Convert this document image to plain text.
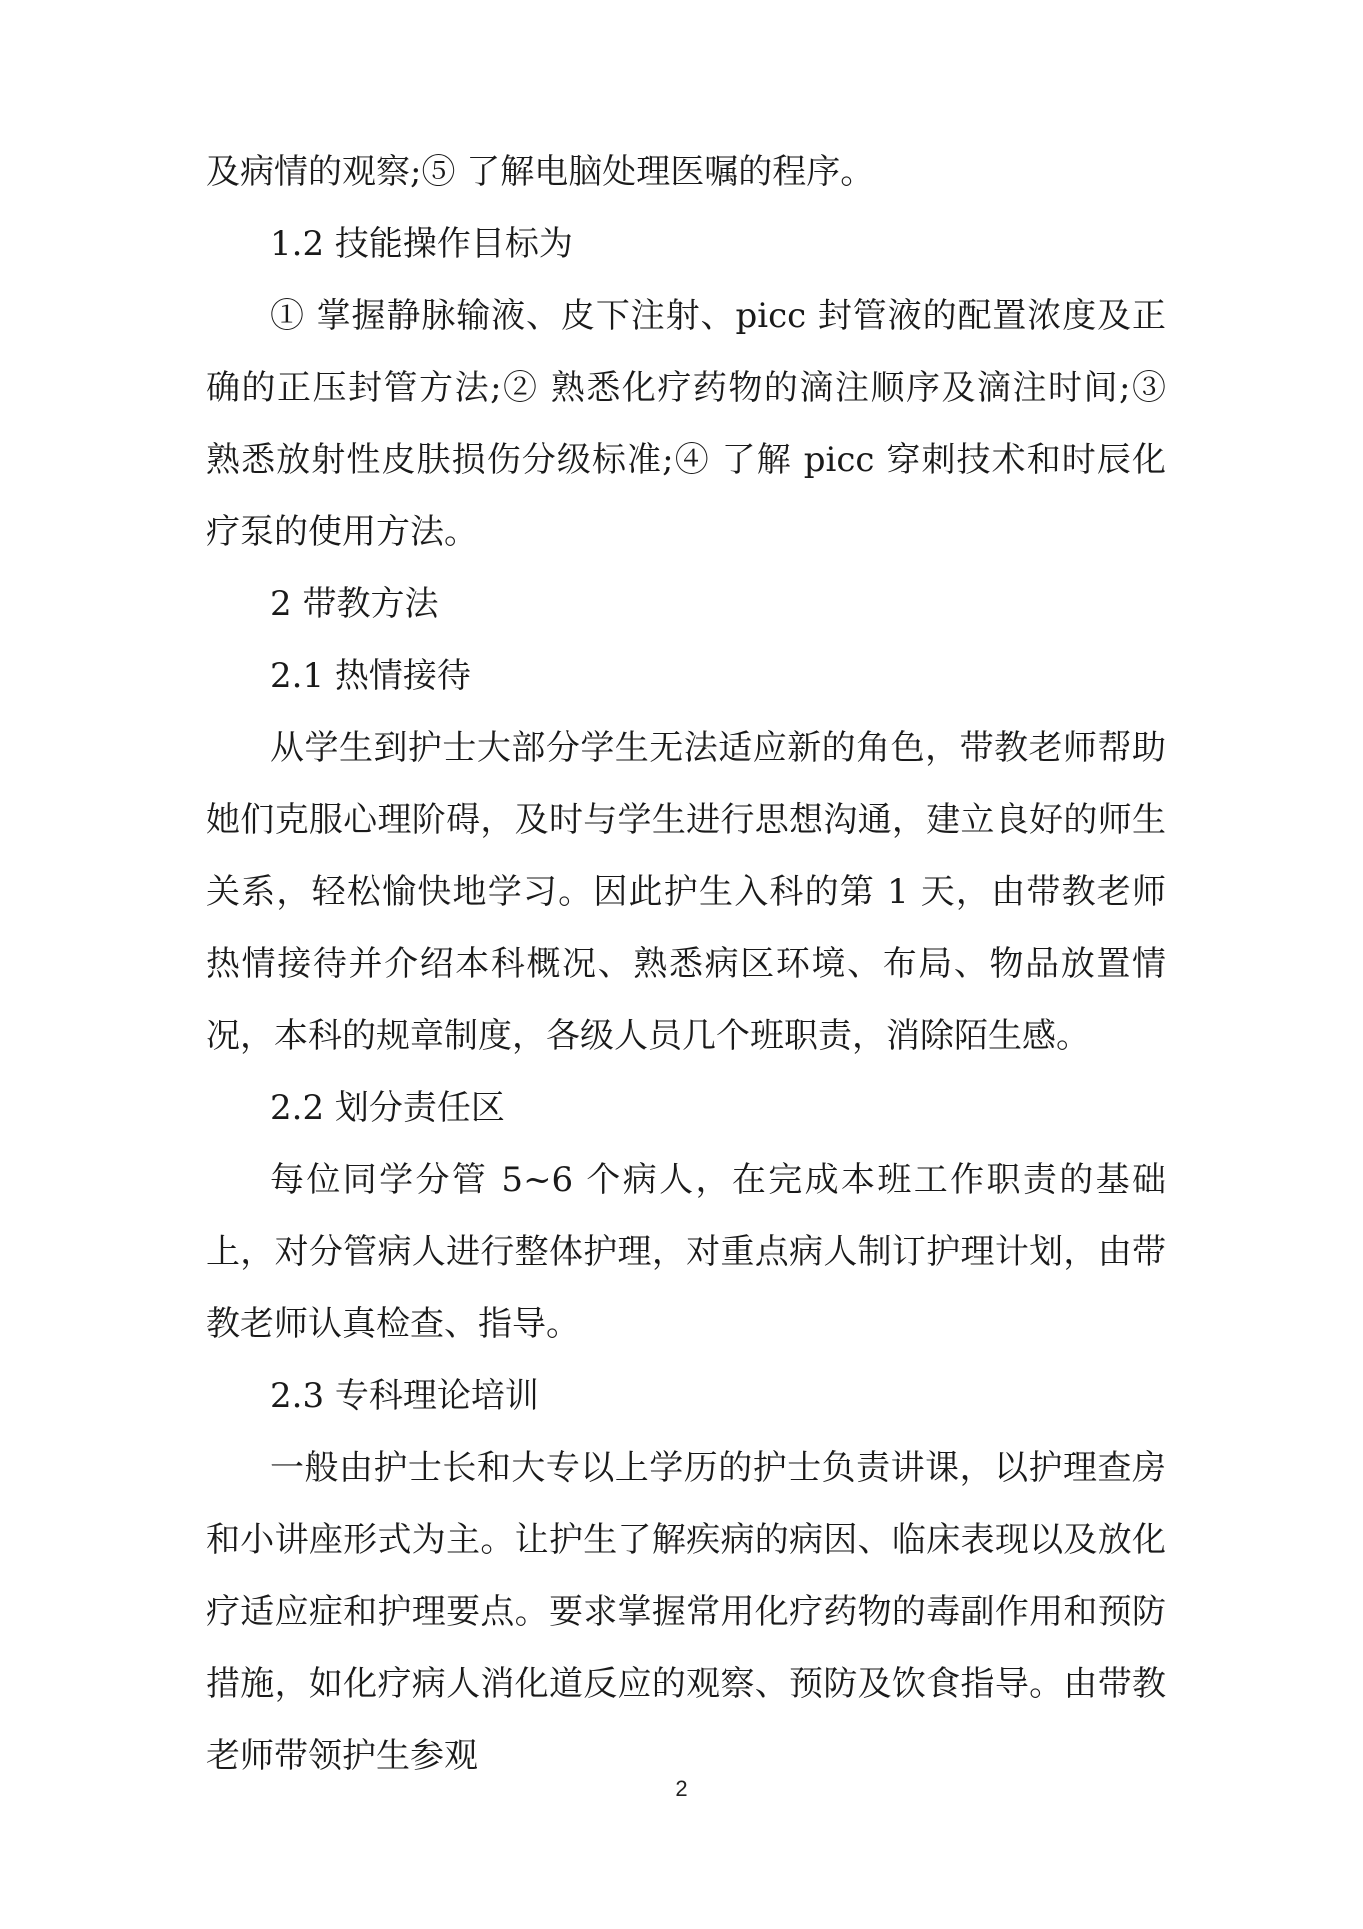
及病情的观察;⑤ 了解电脑处理医嘱的程序。

1.2 技能操作目标为

① 掌握静脉输液、皮下注射、picc 封管液的配置浓度及正确的正压封管方法;② 熟悉化疗药物的滴注顺序及滴注时间;③ 熟悉放射性皮肤损伤分级标准;④ 了解 picc 穿刺技术和时辰化疗泵的使用方法。

2 带教方法

2.1 热情接待

从学生到护士大部分学生无法适应新的角色，带教老师帮助她们克服心理阶碍，及时与学生进行思想沟通，建立良好的师生关系，轻松愉快地学习。因此护生入科的第 1 天，由带教老师热情接待并介绍本科概况、熟悉病区环境、布局、物品放置情况，本科的规章制度，各级人员几个班职责，消除陌生感。

2.2 划分责任区

每位同学分管 5~6 个病人，在完成本班工作职责的基础上，对分管病人进行整体护理，对重点病人制订护理计划，由带教老师认真检查、指导。

2.3 专科理论培训

一般由护士长和大专以上学历的护士负责讲课，以护理查房和小讲座形式为主。让护生了解疾病的病因、临床表现以及放化疗适应症和护理要点。要求掌握常用化疗药物的毒副作用和预防措施，如化疗病人消化道反应的观察、预防及饮食指导。由带教老师带领护生参观

2
